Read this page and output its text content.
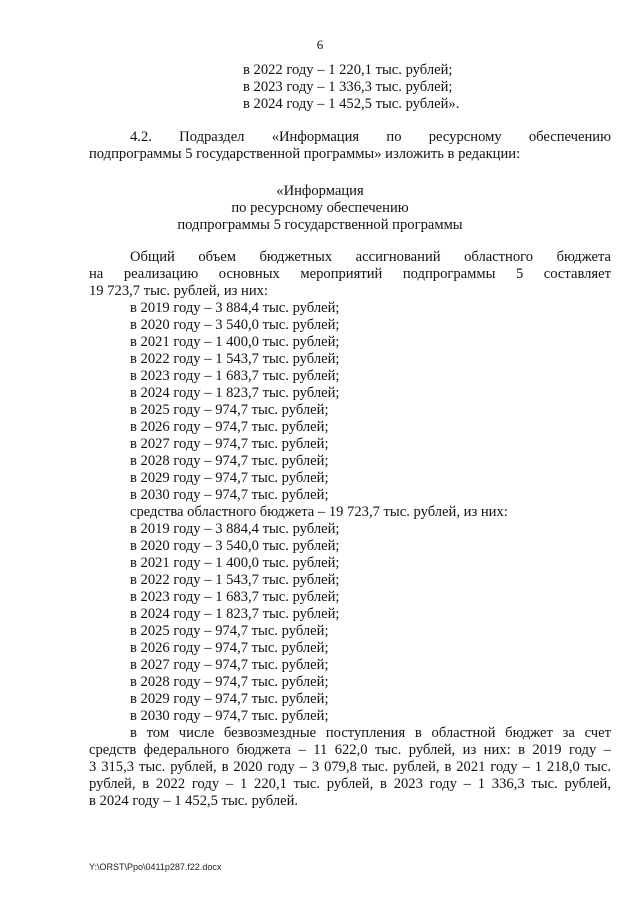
6
в 2022 году – 1 220,1 тыс. рублей;
в 2023 году – 1 336,3 тыс. рублей;
в 2024 году – 1 452,5 тыс. рублей».
4.2. Подраздел «Информация по ресурсному обеспечению
подпрограммы 5 государственной программы» изложить в редакции:
«Информация
по ресурсному обеспечению
подпрограммы 5 государственной программы
Общий объем бюджетных ассигнований областного бюджета
на реализацию основных мероприятий подпрограммы 5 составляет
19 723,7 тыс. рублей, из них:
в 2019 году – 3 884,4 тыс. рублей;
в 2020 году – 3 540,0 тыс. рублей;
в 2021 году – 1 400,0 тыс. рублей;
в 2022 году – 1 543,7 тыс. рублей;
в 2023 году – 1 683,7 тыс. рублей;
в 2024 году – 1 823,7 тыс. рублей;
в 2025 году – 974,7 тыс. рублей;
в 2026 году – 974,7 тыс. рублей;
в 2027 году – 974,7 тыс. рублей;
в 2028 году – 974,7 тыс. рублей;
в 2029 году – 974,7 тыс. рублей;
в 2030 году – 974,7 тыс. рублей;
средства областного бюджета – 19 723,7 тыс. рублей, из них:
в 2019 году – 3 884,4 тыс. рублей;
в 2020 году – 3 540,0 тыс. рублей;
в 2021 году – 1 400,0 тыс. рублей;
в 2022 году – 1 543,7 тыс. рублей;
в 2023 году – 1 683,7 тыс. рублей;
в 2024 году – 1 823,7 тыс. рублей;
в 2025 году – 974,7 тыс. рублей;
в 2026 году – 974,7 тыс. рублей;
в 2027 году – 974,7 тыс. рублей;
в 2028 году – 974,7 тыс. рублей;
в 2029 году – 974,7 тыс. рублей;
в 2030 году – 974,7 тыс. рублей;
в том числе безвозмездные поступления в областной бюджет за счет
средств федерального бюджета – 11 622,0 тыс. рублей, из них: в 2019 году –
3 315,3 тыс. рублей, в 2020 году – 3 079,8 тыс. рублей, в 2021 году – 1 218,0 тыс.
рублей, в 2022 году – 1 220,1 тыс. рублей, в 2023 году – 1 336,3 тыс. рублей,
в 2024 году – 1 452,5 тыс. рублей.
Y:\ORST\Ppo\0411p287.f22.docx
